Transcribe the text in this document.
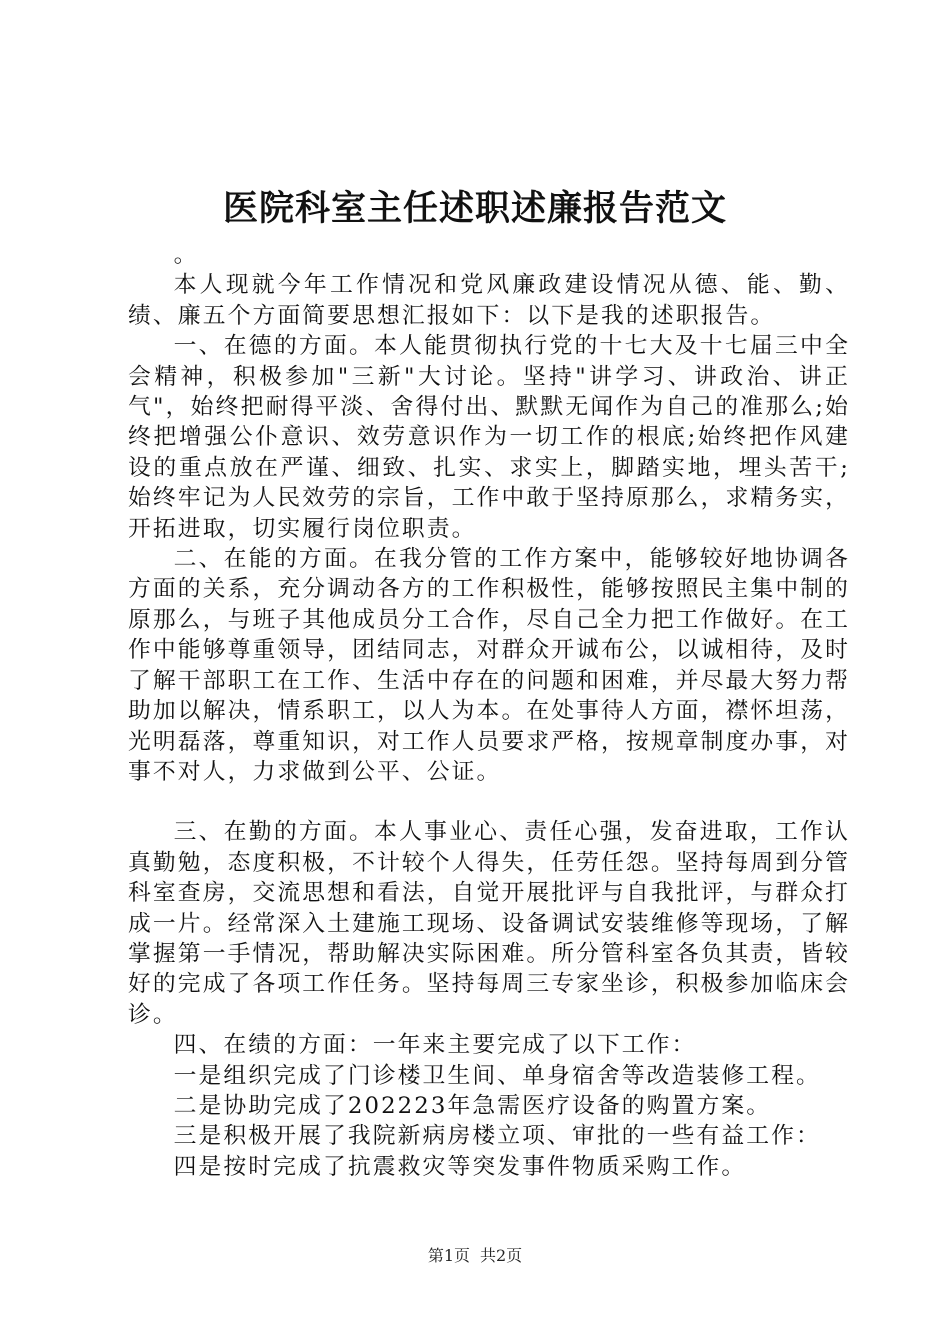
医院科室主任述职述廉报告范文

。

本人现就今年工作情况和党风廉政建设情况从德、能、勤、绩、廉五个方面简要思想汇报如下：以下是我的述职报告。

一、在德的方面。本人能贯彻执行党的十七大及十七届三中全会精神，积极参加"三新"大讨论。坚持"讲学习、讲政治、讲正气"，始终把耐得平淡、舍得付出、默默无闻作为自己的准那么;始终把增强公仆意识、效劳意识作为一切工作的根底;始终把作风建设的重点放在严谨、细致、扎实、求实上，脚踏实地，埋头苦干;始终牢记为人民效劳的宗旨，工作中敢于坚持原那么，求精务实，开拓进取，切实履行岗位职责。

二、在能的方面。在我分管的工作方案中，能够较好地协调各方面的关系，充分调动各方的工作积极性，能够按照民主集中制的原那么，与班子其他成员分工合作，尽自己全力把工作做好。在工作中能够尊重领导，团结同志，对群众开诚布公，以诚相待，及时了解干部职工在工作、生活中存在的问题和困难，并尽最大努力帮助加以解决，情系职工，以人为本。在处事待人方面，襟怀坦荡，光明磊落，尊重知识，对工作人员要求严格，按规章制度办事，对事不对人，力求做到公平、公证。

三、在勤的方面。本人事业心、责任心强，发奋进取，工作认真勤勉，态度积极，不计较个人得失，任劳任怨。坚持每周到分管科室查房，交流思想和看法，自觉开展批评与自我批评，与群众打成一片。经常深入土建施工现场、设备调试安装维修等现场，了解掌握第一手情况，帮助解决实际困难。所分管科室各负其责，皆较好的完成了各项工作任务。坚持每周三专家坐诊，积极参加临床会诊。

四、在绩的方面：一年来主要完成了以下工作：

一是组织完成了门诊楼卫生间、单身宿舍等改造装修工程。

二是协助完成了202223年急需医疗设备的购置方案。

三是积极开展了我院新病房楼立项、审批的一些有益工作：

四是按时完成了抗震救灾等突发事件物质采购工作。

第1页 共2页
